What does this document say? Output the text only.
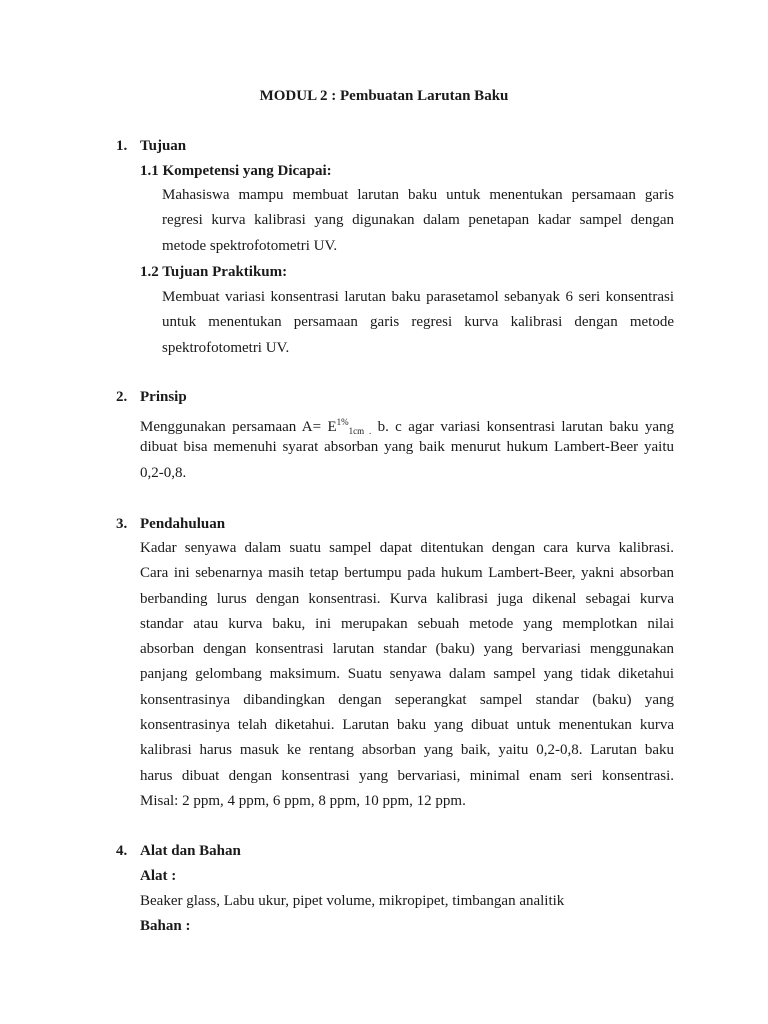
MODUL 2 : Pembuatan Larutan Baku
1. Tujuan
1.1 Kompetensi yang Dicapai:
Mahasiswa mampu membuat larutan baku untuk menentukan persamaan garis
regresi kurva kalibrasi yang digunakan dalam penetapan kadar sampel dengan
metode spektrofotometri UV.
1.2 Tujuan Praktikum:
Membuat variasi konsentrasi larutan baku parasetamol sebanyak 6 seri konsentrasi
untuk menentukan persamaan garis regresi kurva kalibrasi dengan metode
spektrofotometri UV.
2. Prinsip
Menggunakan persamaan $A= E^{1\%}_{1cm .}$ b. c agar variasi konsentrasi larutan baku yang
dibuat bisa memenuhi syarat absorban yang baik menurut hukum Lambert-Beer yaitu
0,2-0,8.
3. Pendahuluan
Kadar senyawa dalam suatu sampel dapat ditentukan dengan cara kurva kalibrasi.
Cara ini sebenarnya masih tetap bertumpu pada hukum Lambert-Beer, yakni absorban
berbanding lurus dengan konsentrasi. Kurva kalibrasi juga dikenal sebagai kurva
standar atau kurva baku, ini merupakan sebuah metode yang memplotkan nilai
absorban dengan konsentrasi larutan standar (baku) yang bervariasi menggunakan
panjang gelombang maksimum. Suatu senyawa dalam sampel yang tidak diketahui
konsentrasinya dibandingkan dengan seperangkat sampel standar (baku) yang
konsentrasinya telah diketahui. Larutan baku yang dibuat untuk menentukan kurva
kalibrasi harus masuk ke rentang absorban yang baik, yaitu 0,2-0,8. Larutan baku
harus dibuat dengan konsentrasi yang bervariasi, minimal enam seri konsentrasi.
Misal: 2 ppm, 4 ppm, 6 ppm, 8 ppm, 10 ppm, 12 ppm.
4. Alat dan Bahan
Alat :
Beaker glass, Labu ukur, pipet volume, mikropipet, timbangan analitik
Bahan :
